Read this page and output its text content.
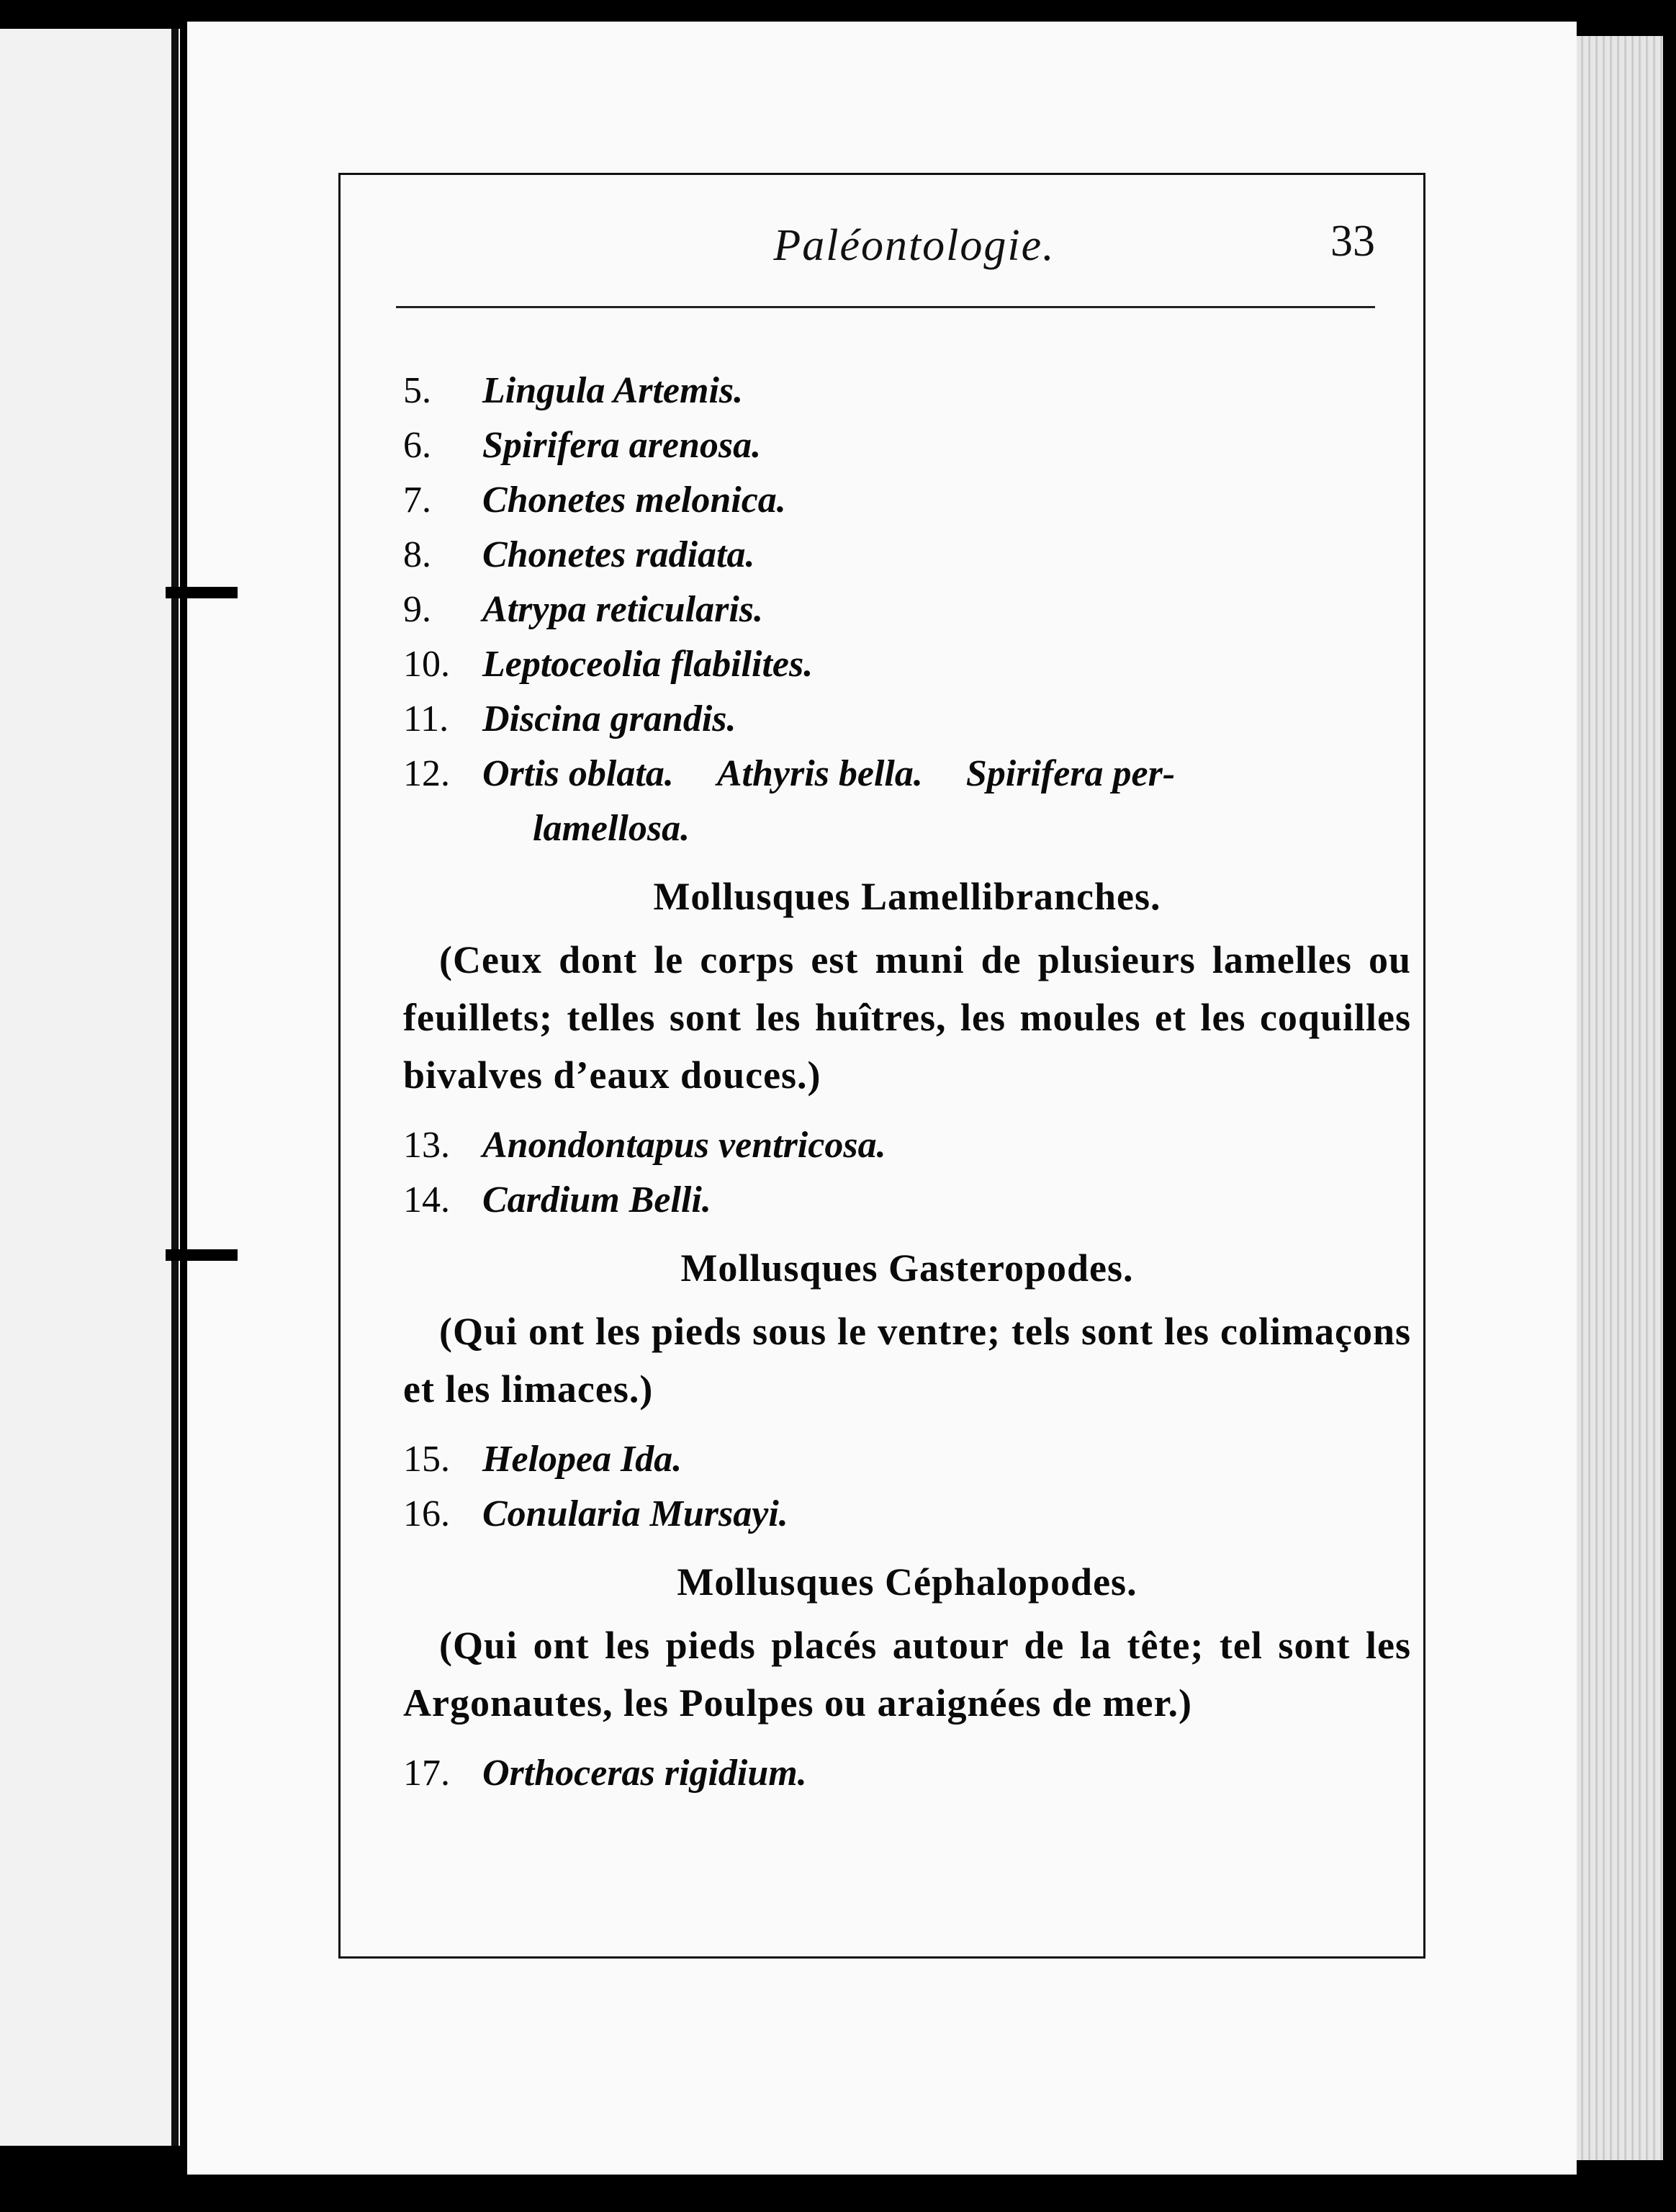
Paléontologie.	33
5.	Lingula Artemis.
6.	Spirifera arenosa.
7.	Chonetes melonica.
8.	Chonetes radiata.
9.	Atrypa reticularis.
10. Leptoceolia flabilites.
11. Discina grandis.
12. Ortis oblata. Athyris bella. Spirifera per-
lamellosa.
Mollusques Lamellibranches.
(Ceux dont le corps est muni de plusieurs lamelles ou feuillets; telles sont les huîtres, les moules et les coquilles bivalves d’eaux douces.)
13. Anondontapus ventricosa.
14. Cardium Belli.
Mollusques Gasteropodes.
(Qui ont les pieds sous le ventre; tels sont les colimaçons et les limaces.)
15. Helopea Ida.
16. Conularia Mursayi.
Mollusques Céphalopodes.
(Qui ont les pieds placés autour de la tête; tel sont les Argonautes, les Poulpes ou araignées de mer.)
17. Orthoceras rigidium.
